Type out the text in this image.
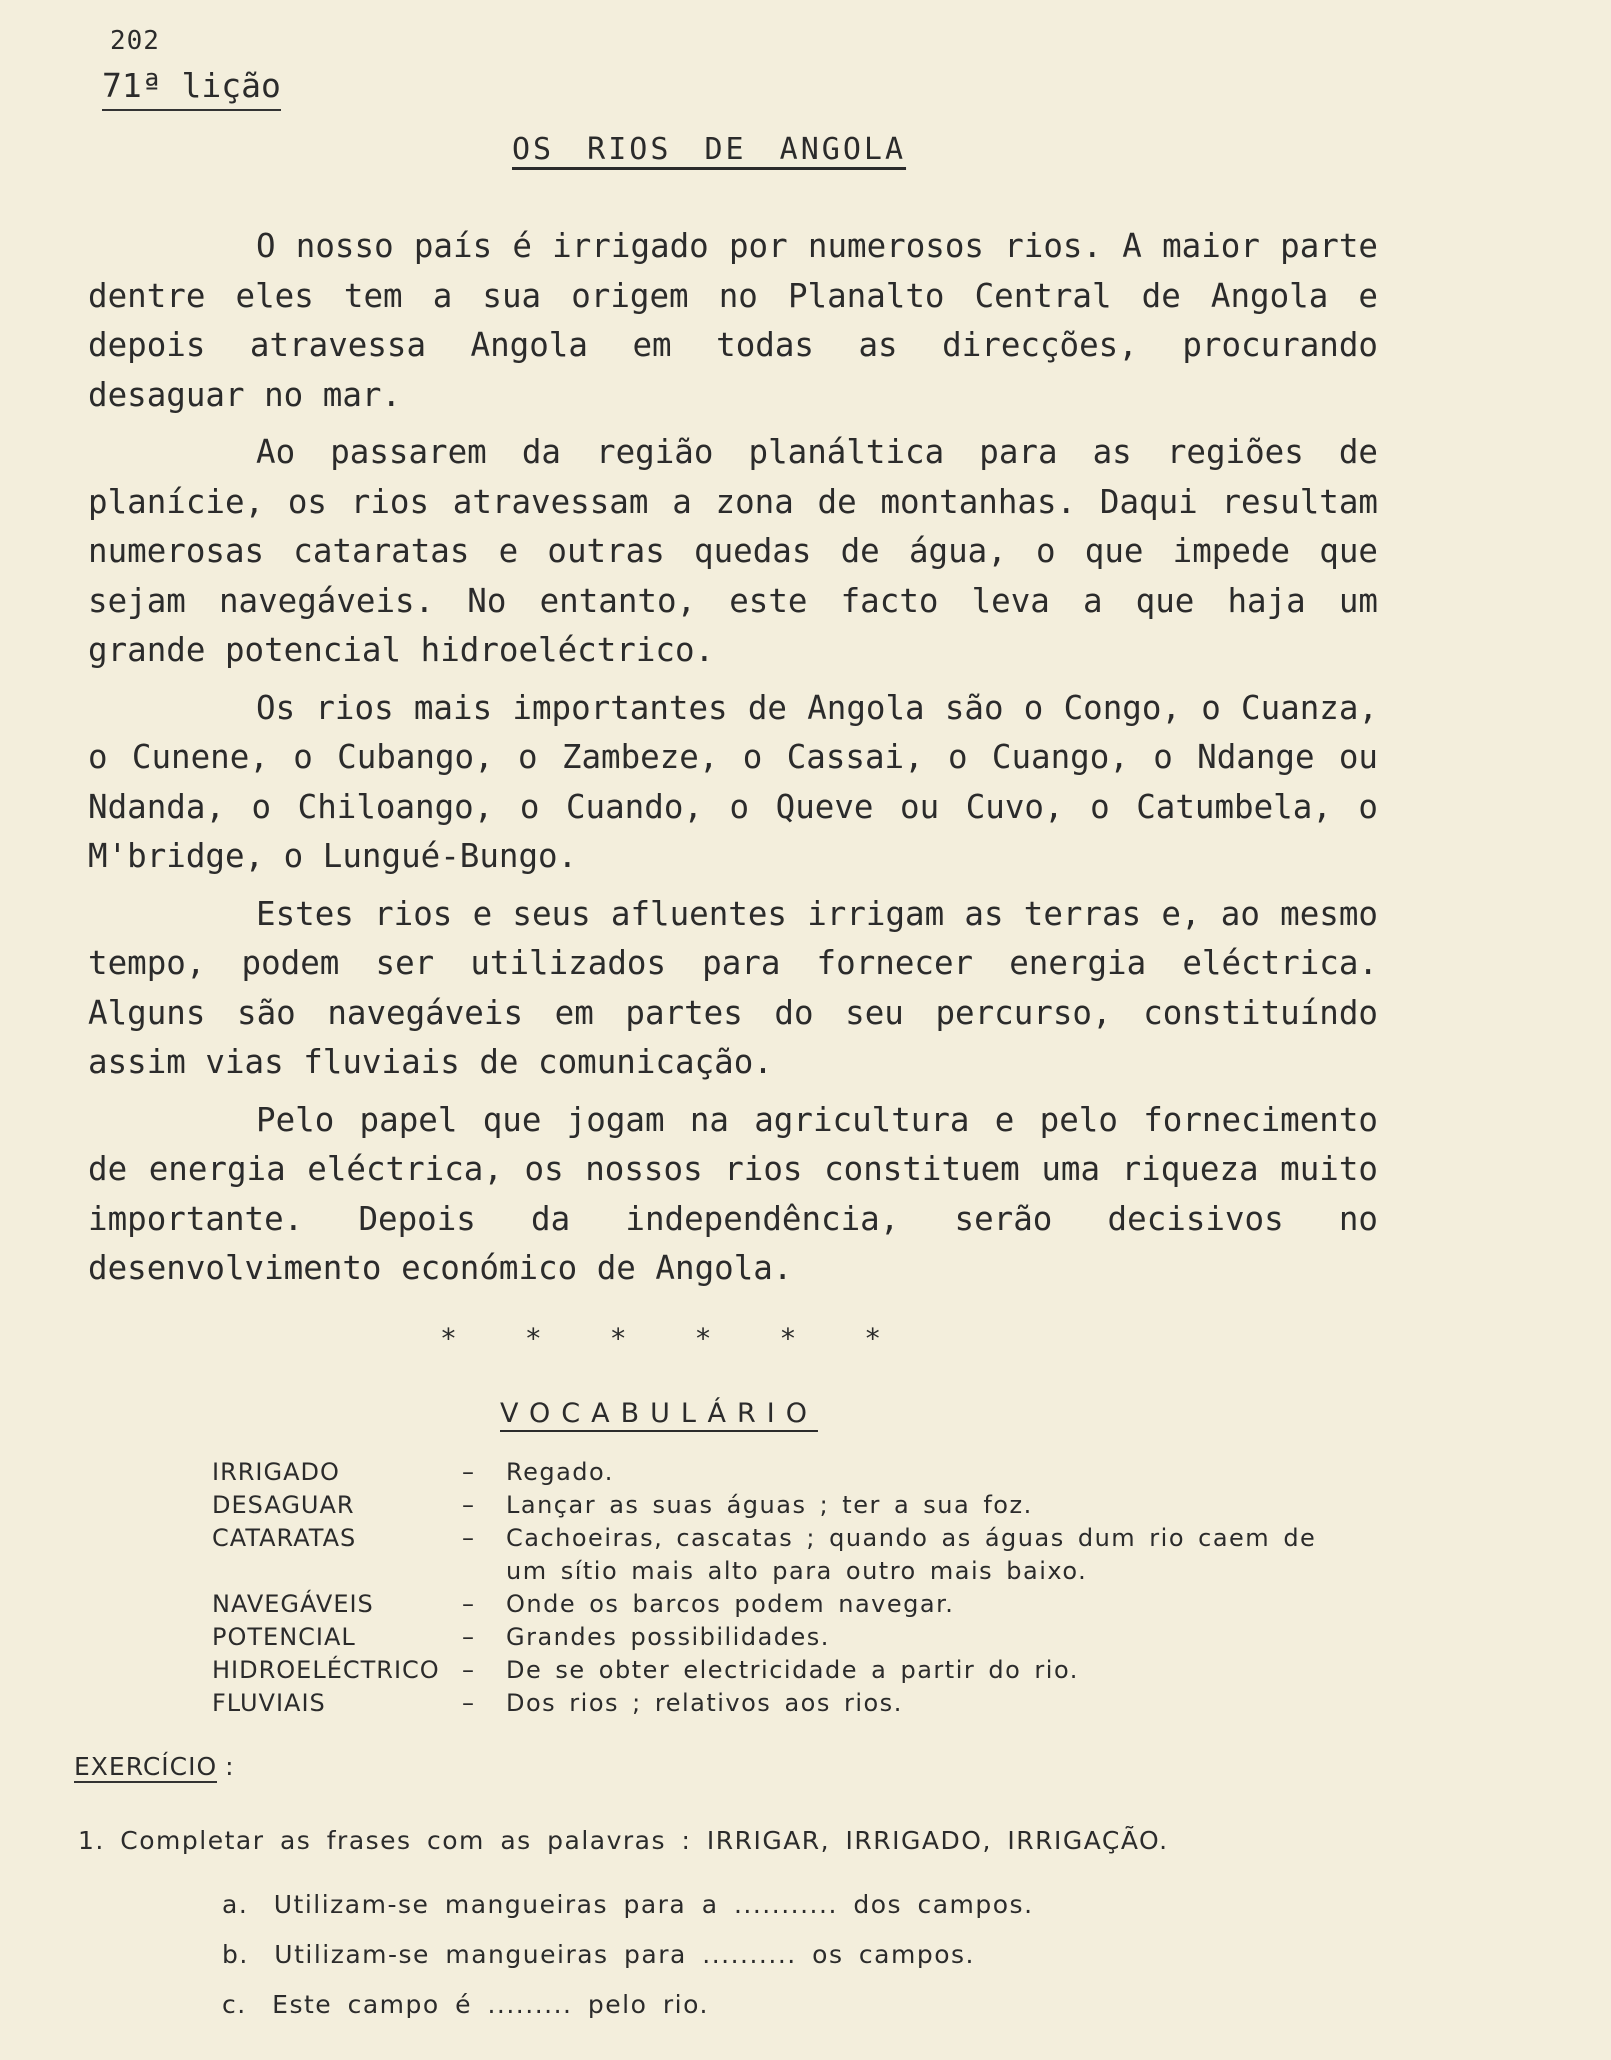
202
71ª lição
OS RIOS DE ANGOLA

O nosso país é irrigado por numerosos rios. A maior parte dentre eles tem a sua origem no Planalto Central de Angola e depois atravessa Angola em todas as direcções, procurando desaguar no mar.

Ao passarem da região planáltica para as regiões de planície, os rios atravessam a zona de montanhas. Daqui resultam numerosas cataratas e outras quedas de água, o que impede que sejam navegáveis. No entanto, este facto leva a que haja um grande potencial hidroeléctrico.

Os rios mais importantes de Angola são o Congo, o Cuanza, o Cunene, o Cubango, o Zambeze, o Cassai, o Cuango, o Ndange ou Ndanda, o Chiloango, o Cuando, o Queve ou Cuvo, o Catumbela, o M'bridge, o Lungué-Bungo.

Estes rios e seus afluentes irrigam as terras e, ao mesmo tempo, podem ser utilizados para fornecer energia eléctrica. Alguns são navegáveis em partes do seu percurso, constituíndo assim vias fluviais de comunicação.

Pelo papel que jogam na agricultura e pelo fornecimento de energia eléctrica, os nossos rios constituem uma riqueza muito importante. Depois da independência, serão decisivos no desenvolvimento económico de Angola.

* * * * * *
VOCABULÁRIO
IRRIGADO	–	Regado.
DESAGUAR	–	Lançar as suas águas ; ter a sua foz.
CATARATAS	–	Cachoeiras, cascatas ; quando as águas dum rio caem de um sítio mais alto para outro mais baixo.
NAVEGÁVEIS	–	Onde os barcos podem navegar.
POTENCIAL	–	Grandes possibilidades.
HIDROELÉCTRICO –	De se obter electricidade a partir do rio.
FLUVIAIS	–	Dos rios ; relativos aos rios.
EXERCÍCIO :
1. Completar as frases com as palavras : IRRIGAR, IRRIGADO, IRRIGAÇÃO.
a. Utilizam-se mangueiras para a ........... dos campos.
b. Utilizam-se mangueiras para .......... os campos.
c. Este campo é ......... pelo rio.
